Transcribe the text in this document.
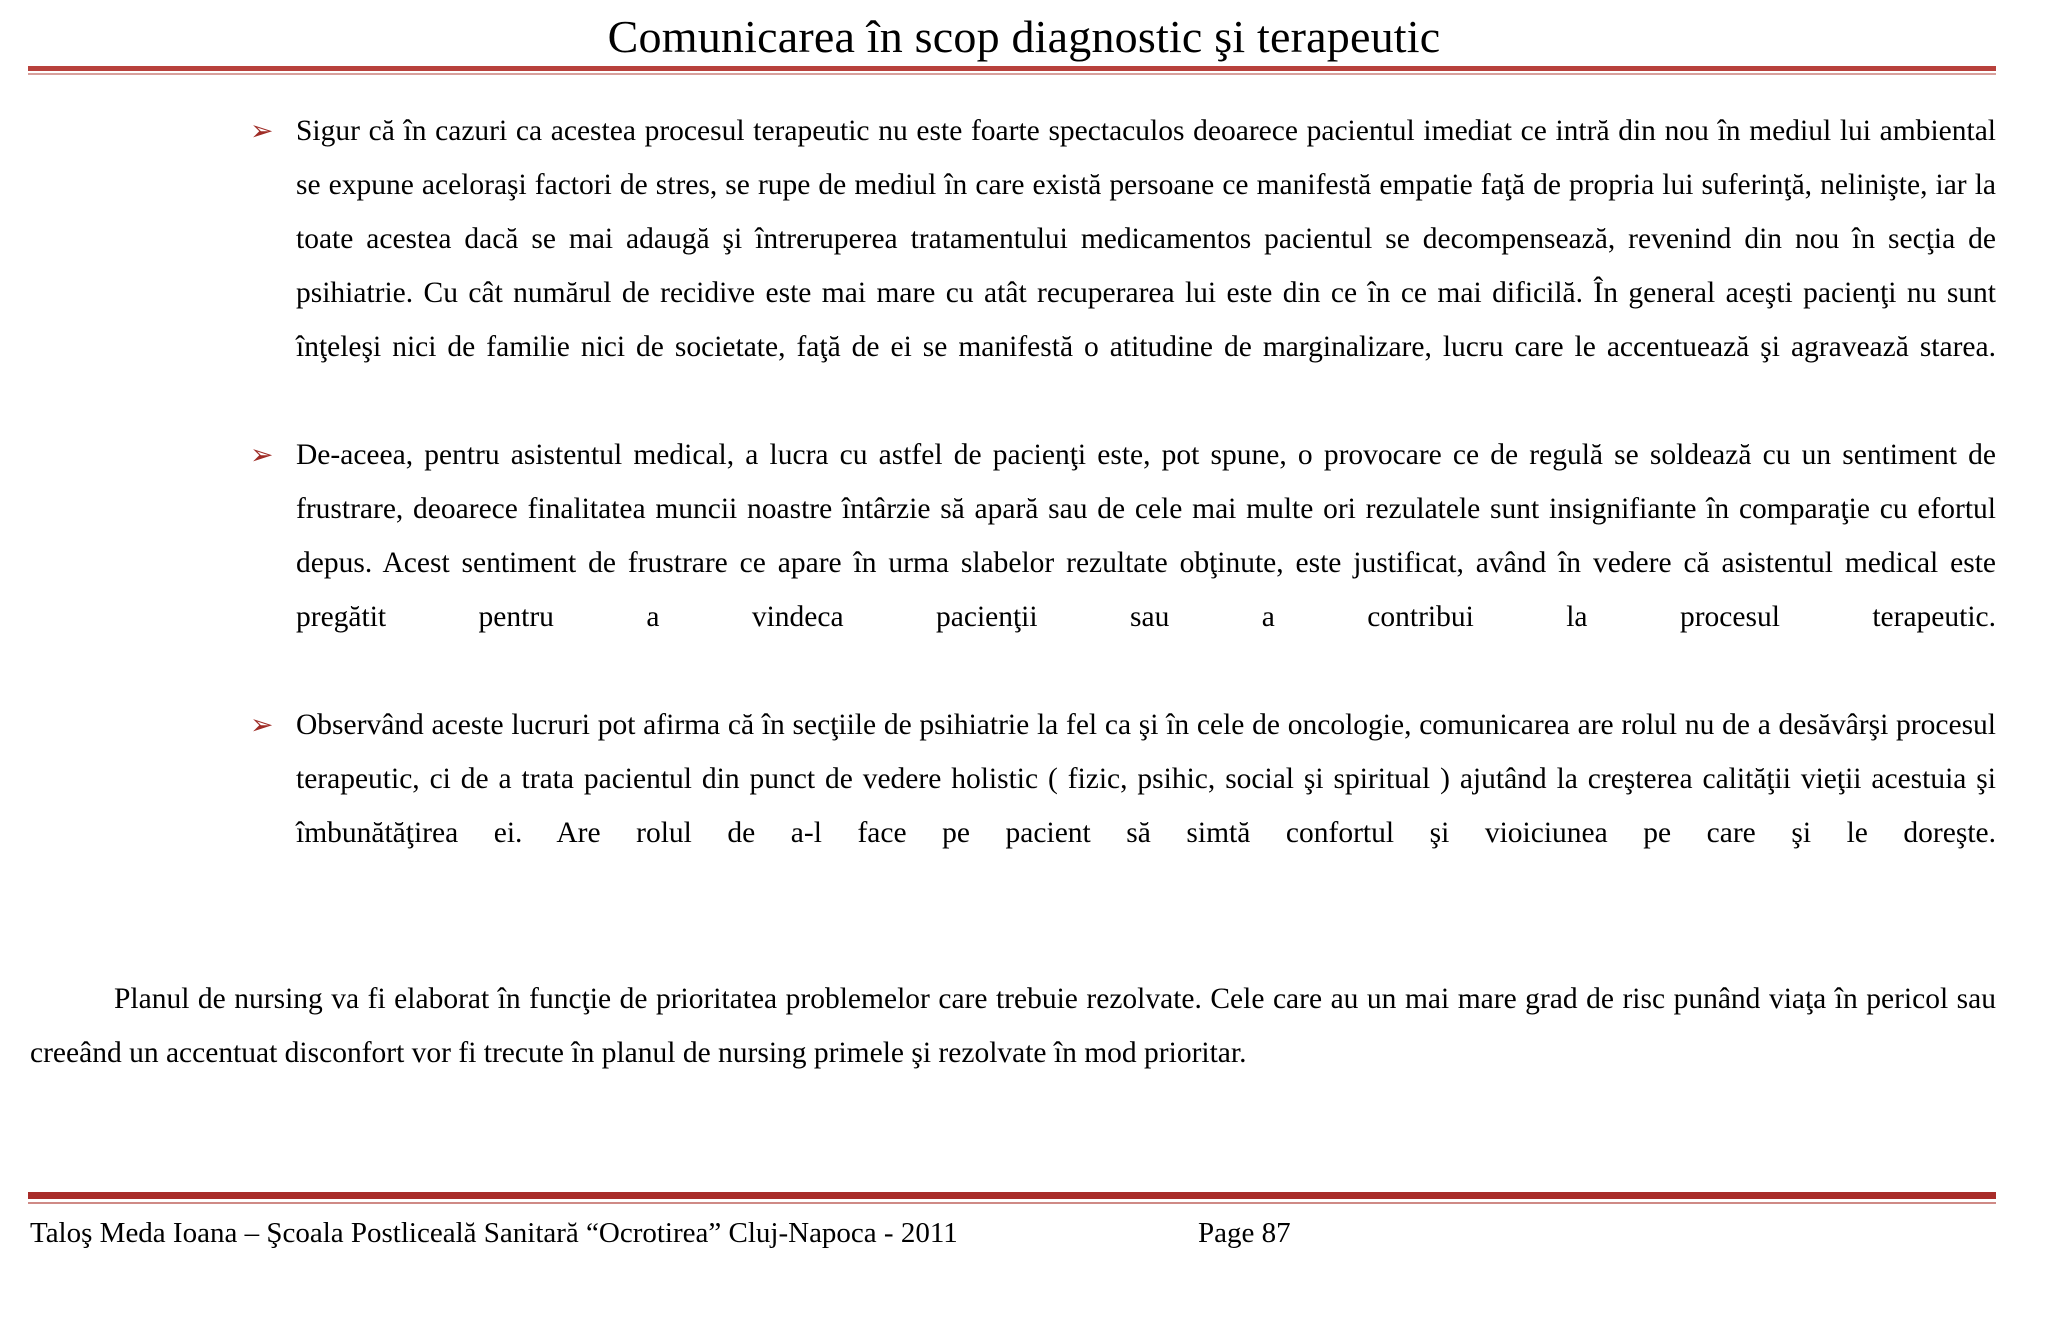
Comunicarea în scop diagnostic şi terapeutic
➢ Sigur că în cazuri ca acestea procesul terapeutic nu este foarte spectaculos deoarece pacientul imediat ce intră din nou în mediul lui ambiental se expune aceloraşi factori de stres, se rupe de mediul în care există persoane ce manifestă empatie faţă de propria lui suferinţă, nelinişte, iar la toate acestea dacă se mai adaugă şi întreruperea tratamentului medicamentos pacientul se decompensează, revenind din nou în secţia de psihiatrie. Cu cât numărul de recidive este mai mare cu atât recuperarea lui este din ce în ce mai dificilă. În general aceşti pacienţi nu sunt înţeleşi nici de familie nici de societate, faţă de ei se manifestă o atitudine de marginalizare, lucru care le accentuează şi agravează starea.
➢ De-aceea, pentru asistentul medical, a lucra cu astfel de pacienţi este, pot spune, o provocare ce de regulă se soldează cu un sentiment de frustrare, deoarece finalitatea muncii noastre întârzie să apară sau de cele mai multe ori rezulatele sunt insignifiante în comparaţie cu efortul depus. Acest sentiment de frustrare ce apare în urma slabelor rezultate obţinute, este justificat, având în vedere că asistentul medical este pregătit pentru a vindeca pacienţii sau a contribui la procesul terapeutic.
➢ Observând aceste lucruri pot afirma că în secţiile de psihiatrie la fel ca şi în cele de oncologie, comunicarea are rolul nu de a desăvârşi procesul terapeutic, ci de a trata pacientul din punct de vedere holistic ( fizic, psihic, social şi spiritual ) ajutând la creşterea calităţii vieţii acestuia şi îmbunătăţirea ei. Are rolul de a-l face pe pacient să simtă confortul şi vioiciunea pe care şi le doreşte.

Planul de nursing va fi elaborat în funcţie de prioritatea problemelor care trebuie rezolvate. Cele care au un mai mare grad de risc punând viaţa în pericol sau creeând un accentuat disconfort vor fi trecute în planul de nursing primele şi rezolvate în mod prioritar.

Taloş Meda Ioana – Şcoala Postliceală Sanitară “Ocrotirea” Cluj-Napoca - 2011	Page 87
